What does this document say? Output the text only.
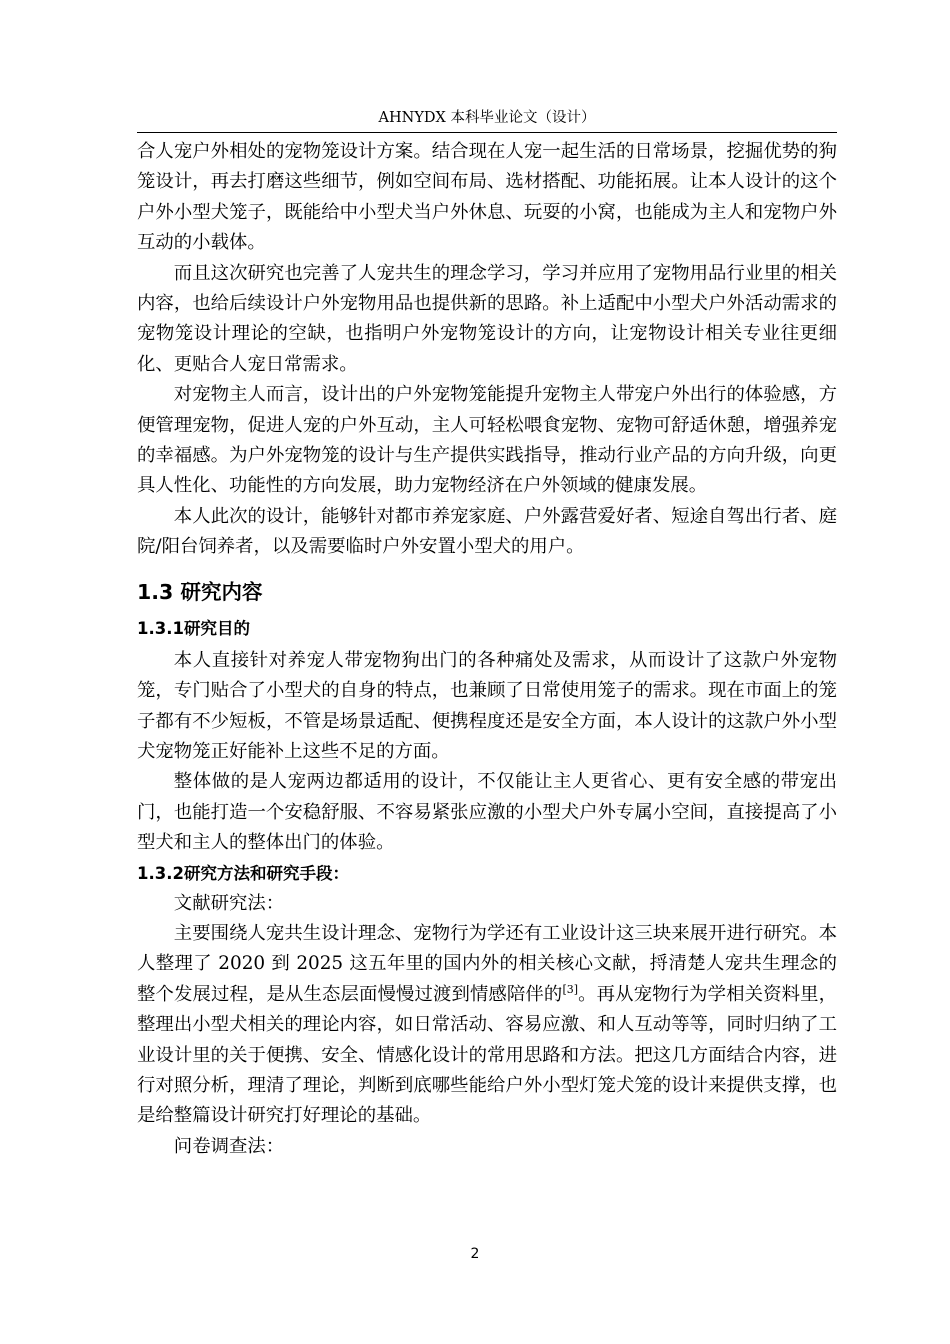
AHNYDX 本科毕业论文（设计）

合人宠户外相处的宠物笼设计方案。结合现在人宠一起生活的日常场景，挖掘优势的狗笼设计，再去打磨这些细节，例如空间布局、选材搭配、功能拓展。让本人设计的这个户外小型犬笼子，既能给中小型犬当户外休息、玩耍的小窝，也能成为主人和宠物户外互动的小载体。

而且这次研究也完善了人宠共生的理念学习，学习并应用了宠物用品行业里的相关内容，也给后续设计户外宠物用品也提供新的思路。补上适配中小型犬户外活动需求的宠物笼设计理论的空缺，也指明户外宠物笼设计的方向，让宠物设计相关专业往更细化、更贴合人宠日常需求。

对宠物主人而言，设计出的户外宠物笼能提升宠物主人带宠户外出行的体验感，方便管理宠物，促进人宠的户外互动，主人可轻松喂食宠物、宠物可舒适休憩，增强养宠的幸福感。为户外宠物笼的设计与生产提供实践指导，推动行业产品的方向升级，向更具人性化、功能性的方向发展，助力宠物经济在户外领域的健康发展。

本人此次的设计，能够针对都市养宠家庭、户外露营爱好者、短途自驾出行者、庭院/阳台饲养者，以及需要临时户外安置小型犬的用户。

1.3 研究内容
1.3.1研究目的

本人直接针对养宠人带宠物狗出门的各种痛处及需求，从而设计了这款户外宠物笼，专门贴合了小型犬的自身的特点，也兼顾了日常使用笼子的需求。现在市面上的笼子都有不少短板，不管是场景适配、便携程度还是安全方面，本人设计的这款户外小型犬宠物笼正好能补上这些不足的方面。

整体做的是人宠两边都适用的设计，不仅能让主人更省心、更有安全感的带宠出门，也能打造一个安稳舒服、不容易紧张应激的小型犬户外专属小空间，直接提高了小型犬和主人的整体出门的体验。

1.3.2研究方法和研究手段：

文献研究法：

主要围绕人宠共生设计理念、宠物行为学还有工业设计这三块来展开进行研究。本人整理了 2020 到 2025 这五年里的国内外的相关核心文献，捋清楚人宠共生理念的整个发展过程，是从生态层面慢慢过渡到情感陪伴的[3]。再从宠物行为学相关资料里，整理出小型犬相关的理论内容，如日常活动、容易应激、和人互动等等，同时归纳了工业设计里的关于便携、安全、情感化设计的常用思路和方法。把这几方面结合内容，进行对照分析，理清了理论，判断到底哪些能给户外小型灯笼犬笼的设计来提供支撑，也是给整篇设计研究打好理论的基础。

问卷调查法：

2
